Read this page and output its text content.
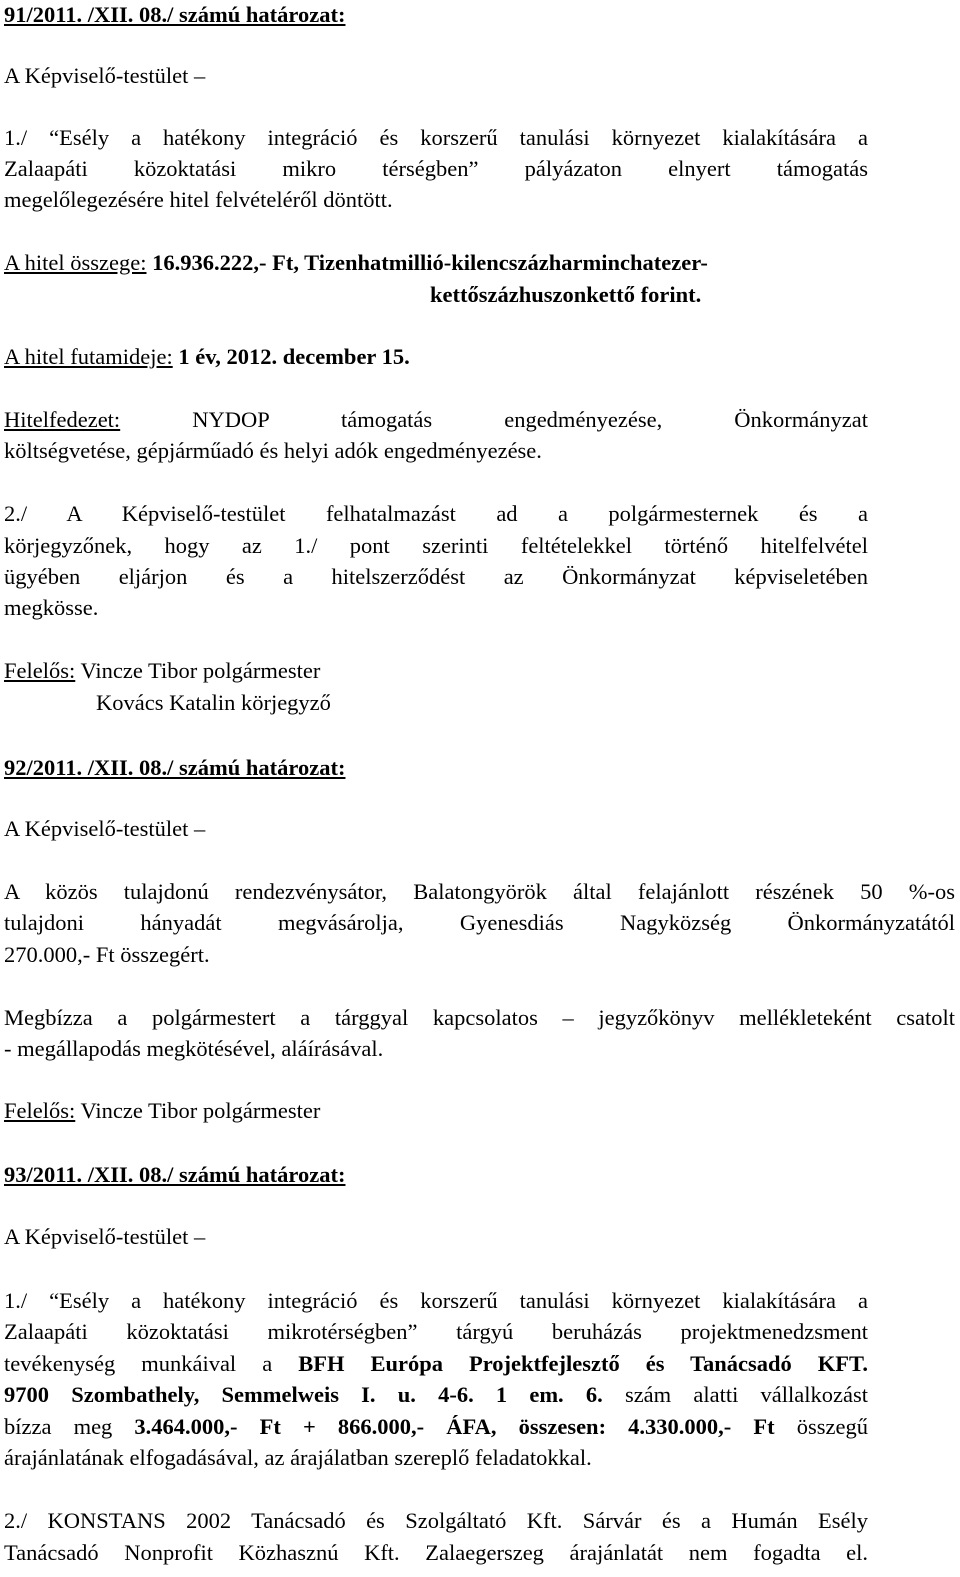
91/2011. /XII. 08./ számú határozat:
A Képviselő-testület –
1./ “Esély a hatékony integráció és korszerű tanulási környezet kialakítására a
Zalaapáti közoktatási mikro térségben” pályázaton elnyert támogatás
megelőlegezésére hitel felvételéről döntött.
A hitel összege: 16.936.222,- Ft, Tizenhatmillió-kilencszázharminchatezer-
kettőszázhuszonkettő forint.
A hitel futamideje: 1 év, 2012. december 15.
Hitelfedezet:	NYDOP támogatás engedményezése, Önkormányzat
költségvetése, gépjárműadó és helyi adók engedményezése.
2./ A Képviselő-testület felhatalmazást ad a polgármesternek és a
körjegyzőnek, hogy az 1./ pont szerinti feltételekkel történő hitelfelvétel
ügyében eljárjon és a hitelszerződést az Önkormányzat képviseletében
megkösse.
Felelős: Vincze Tibor polgármester
Kovács Katalin körjegyző
92/2011. /XII. 08./ számú határozat:
A Képviselő-testület –
A közös tulajdonú rendezvénysátor, Balatongyörök által felajánlott részének 50 %-os
tulajdoni hányadát megvásárolja, Gyenesdiás Nagyközség Önkormányzatától
270.000,- Ft összegért.
Megbízza a polgármestert a tárggyal kapcsolatos – jegyzőkönyv mellékleteként csatolt
- megállapodás megkötésével, aláírásával.
Felelős: Vincze Tibor polgármester
93/2011. /XII. 08./ számú határozat:
A Képviselő-testület –
1./ “Esély a hatékony integráció és korszerű tanulási környezet kialakítására a
Zalaapáti közoktatási mikrotérségben” tárgyú beruházás projektmenedzsment
tevékenység munkáival a BFH Európa Projektfejlesztő és Tanácsadó KFT.
9700 Szombathely, Semmelweis I. u. 4-6. 1 em. 6. szám alatti vállalkozást
bízza meg 3.464.000,- Ft + 866.000,- ÁFA, összesen: 4.330.000,- Ft összegű
árajánlatának elfogadásával, az árajálatban szereplő feladatokkal.
2./ KONSTANS 2002 Tanácsadó és Szolgáltató Kft. Sárvár és a Humán Esély
Tanácsadó Nonprofit Közhasznú Kft. Zalaegerszeg árajánlatát nem fogadta el.
